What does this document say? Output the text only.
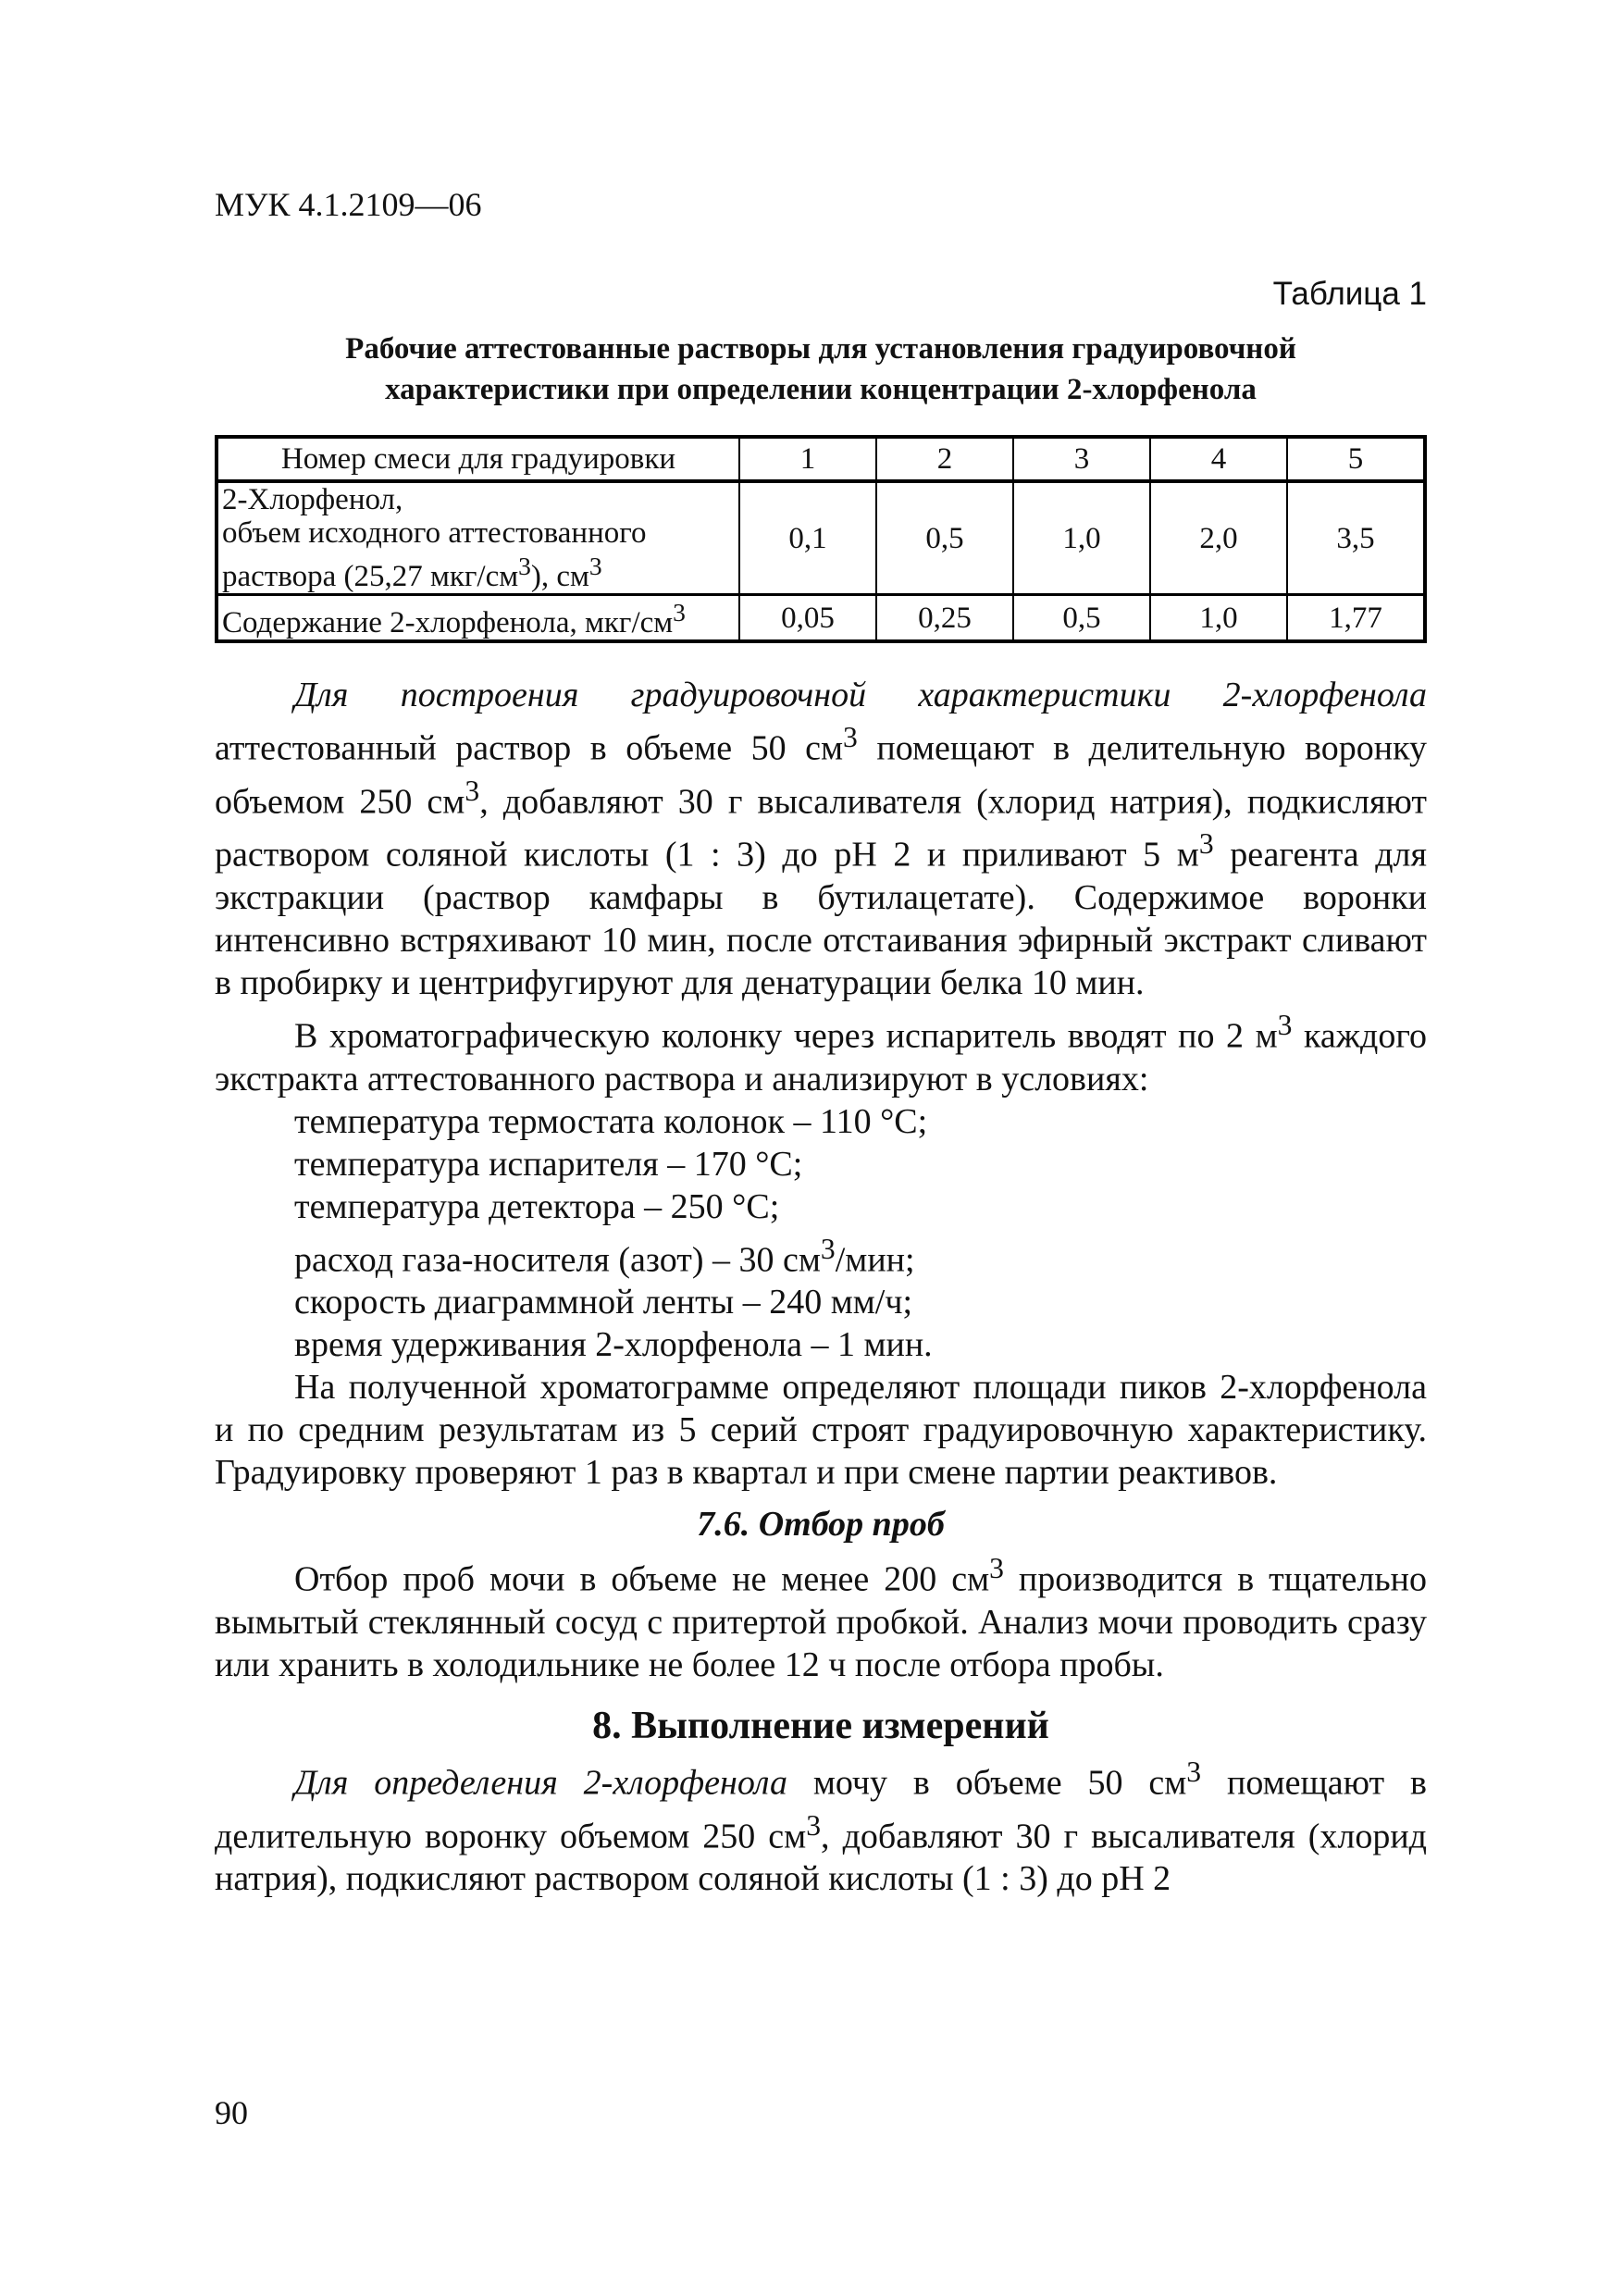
МУК 4.1.2109—06
Таблица 1
Рабочие аттестованные растворы для установления градуировочной
характеристики при определении концентрации 2-хлорфенола
Номер смеси для градуировки	1	2	3	4	5

2-Хлорфенол,
объем исходного аттестованного
раствора (25,27 мкг/$см^3$), $см^3$	0,1	0,5	1,0	2,0	3,5
Содержание 2-хлорфенола, мкг/$см^3$	0,05	0,25	0,5	1,0	1,77

Для построения градуировочной характеристики 2-хлорфенола аттестованный раствор в объеме 50 $см^3$ помещают в делительную воронку объемом 250 $см^3$, добавляют 30 г высаливателя (хлорид натрия), подкисляют раствором соляной кислоты (1 : 3) до рН 2 и приливают 5 $м^3$ реагента для экстракции (раствор камфары в бутилацетате). Содержимое воронки интенсивно встряхивают 10 мин, после отстаивания эфирный экстракт сливают в пробирку и центрифугируют для денатурации белка 10 мин.

В хроматографическую колонку через испаритель вводят по 2 $м^3$ каждого экстракта аттестованного раствора и анализируют в условиях:

температура термостата колонок – 110 °С;
температура испарителя – 170 °С;
температура детектора – 250 °С;
расход газа-носителя (азот) – 30 $см^3$/мин;
скорость диаграммной ленты – 240 мм/ч;
время удерживания 2-хлорфенола – 1 мин.

На полученной хроматограмме определяют площади пиков 2-хлорфенола и по средним результатам из 5 серий строят градуировочную характеристику. Градуировку проверяют 1 раз в квартал и при смене партии реактивов.

7.6. Отбор проб

Отбор проб мочи в объеме не менее 200 $см^3$ производится в тщательно вымытый стеклянный сосуд с притертой пробкой. Анализ мочи проводить сразу или хранить в холодильнике не более 12 ч после отбора пробы.

8. Выполнение измерений

Для определения 2-хлорфенола мочу в объеме 50 $см^3$ помещают в делительную воронку объемом 250 $см^3$, добавляют 30 г высаливателя (хлорид натрия), подкисляют раствором соляной кислоты (1 : 3) до рН 2

90
